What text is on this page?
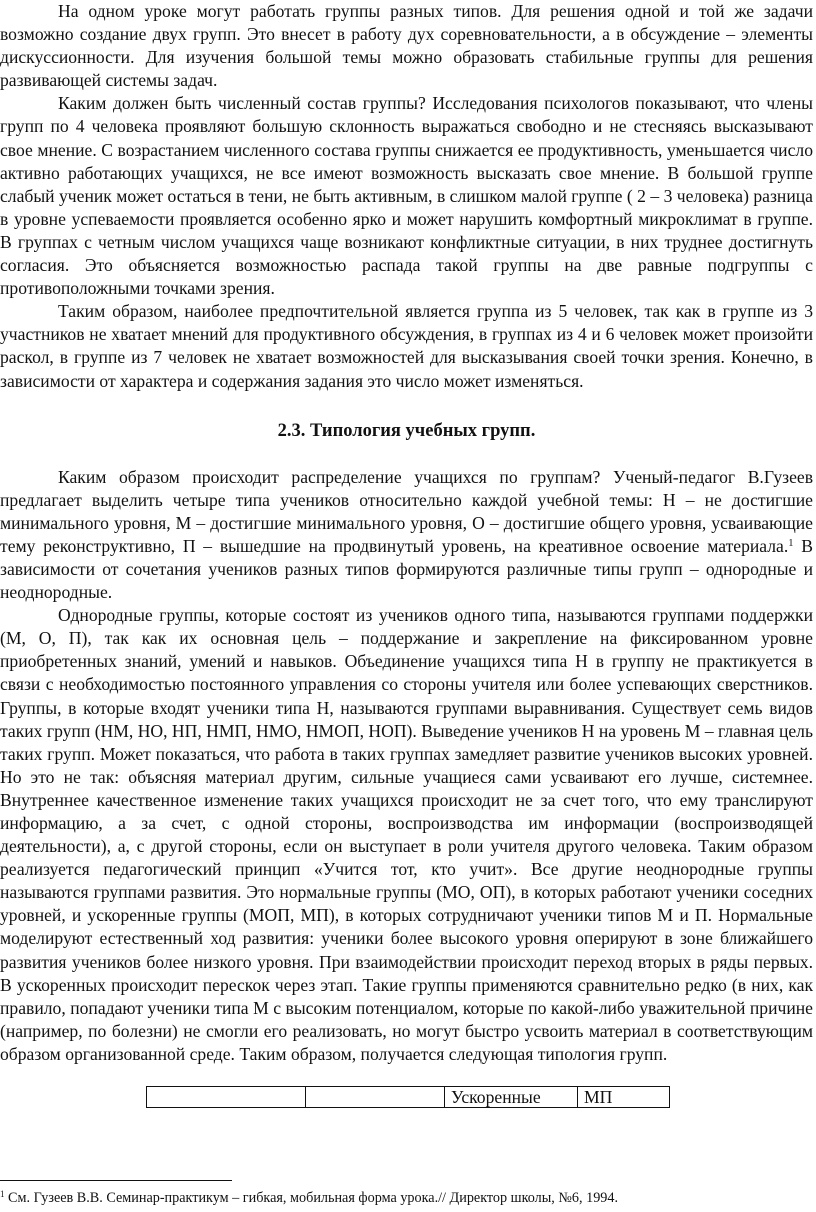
На одном уроке могут работать группы разных типов. Для решения одной и той же задачи возможно создание двух групп. Это внесет в работу дух соревновательности, а в обсуждение – элементы дискуссионности. Для изучения большой темы можно образовать стабильные группы для решения развивающей системы задач.

Каким должен быть численный состав группы? Исследования психологов показывают, что члены групп по 4 человека проявляют большую склонность выражаться свободно и не стесняясь высказывают свое мнение. С возрастанием численного состава группы снижается ее продуктивность, уменьшается число активно работающих учащихся, не все имеют возможность высказать свое мнение. В большой группе слабый ученик может остаться в тени, не быть активным, в слишком малой группе ( 2 – 3 человека) разница в уровне успеваемости проявляется особенно ярко и может нарушить комфортный микроклимат в группе. В группах с четным числом учащихся чаще возникают конфликтные ситуации, в них труднее достигнуть согласия. Это объясняется возможностью распада такой группы на две равные подгруппы с противоположными точками зрения.

Таким образом, наиболее предпочтительной является группа из 5 человек, так как в группе из 3 участников не хватает мнений для продуктивного обсуждения, в группах из 4 и 6 человек может произойти раскол, в группе из 7 человек не хватает возможностей для высказывания своей точки зрения. Конечно, в зависимости от характера и содержания задания это число может изменяться.

2.3. Типология учебных групп.

Каким образом происходит распределение учащихся по группам? Ученый-педагог В.Гузеев предлагает выделить четыре типа учеников относительно каждой учебной темы: Н – не достигшие минимального уровня, М – достигшие минимального уровня, О – достигшие общего уровня, усваивающие тему реконструктивно, П – вышедшие на продвинутый уровень, на креативное освоение материала.$^1$ В зависимости от сочетания учеников разных типов формируются различные типы групп – однородные и неоднородные.

Однородные группы, которые состоят из учеников одного типа, называются группами поддержки (М, О, П), так как их основная цель – поддержание и закрепление на фиксированном уровне приобретенных знаний, умений и навыков. Объединение учащихся типа Н в группу не практикуется в связи с необходимостью постоянного управления со стороны учителя или более успевающих сверстников. Группы, в которые входят ученики типа Н, называются группами выравнивания. Существует семь видов таких групп (НМ, НО, НП, НМП, НМО, НМОП, НОП). Выведение учеников Н на уровень М – главная цель таких групп. Может показаться, что работа в таких группах замедляет развитие учеников высоких уровней. Но это не так: объясняя материал другим, сильные учащиеся сами усваивают его лучше, системнее. Внутреннее качественное изменение таких учащихся происходит не за счет того, что ему транслируют информацию, а за счет, с одной стороны, воспроизводства им информации (воспроизводящей деятельности), а, с другой стороны, если он выступает в роли учителя другого человека. Таким образом реализуется педагогический принцип «Учится тот, кто учит». Все другие неоднородные группы называются группами развития. Это нормальные группы (МО, ОП), в которых работают ученики соседних уровней, и ускоренные группы (МОП, МП), в которых сотрудничают ученики типов М и П. Нормальные моделируют естественный ход развития: ученики более высокого уровня оперируют в зоне ближайшего развития учеников более низкого уровня. При взаимодействии происходит переход вторых в ряды первых. В ускоренных происходит перескок через этап. Такие группы применяются сравнительно редко (в них, как правило, попадают ученики типа М с высоким потенциалом, которые по какой-либо уважительной причине (например, по болезни) не смогли его реализовать, но могут быстро усвоить материал в соответствующим образом организованной среде. Таким образом, получается следующая типология групп.

		Ускоренные	МП
$^1$ См. Гузеев В.В. Семинар-практикум – гибкая, мобильная форма урока.// Директор школы, №6, 1994.
